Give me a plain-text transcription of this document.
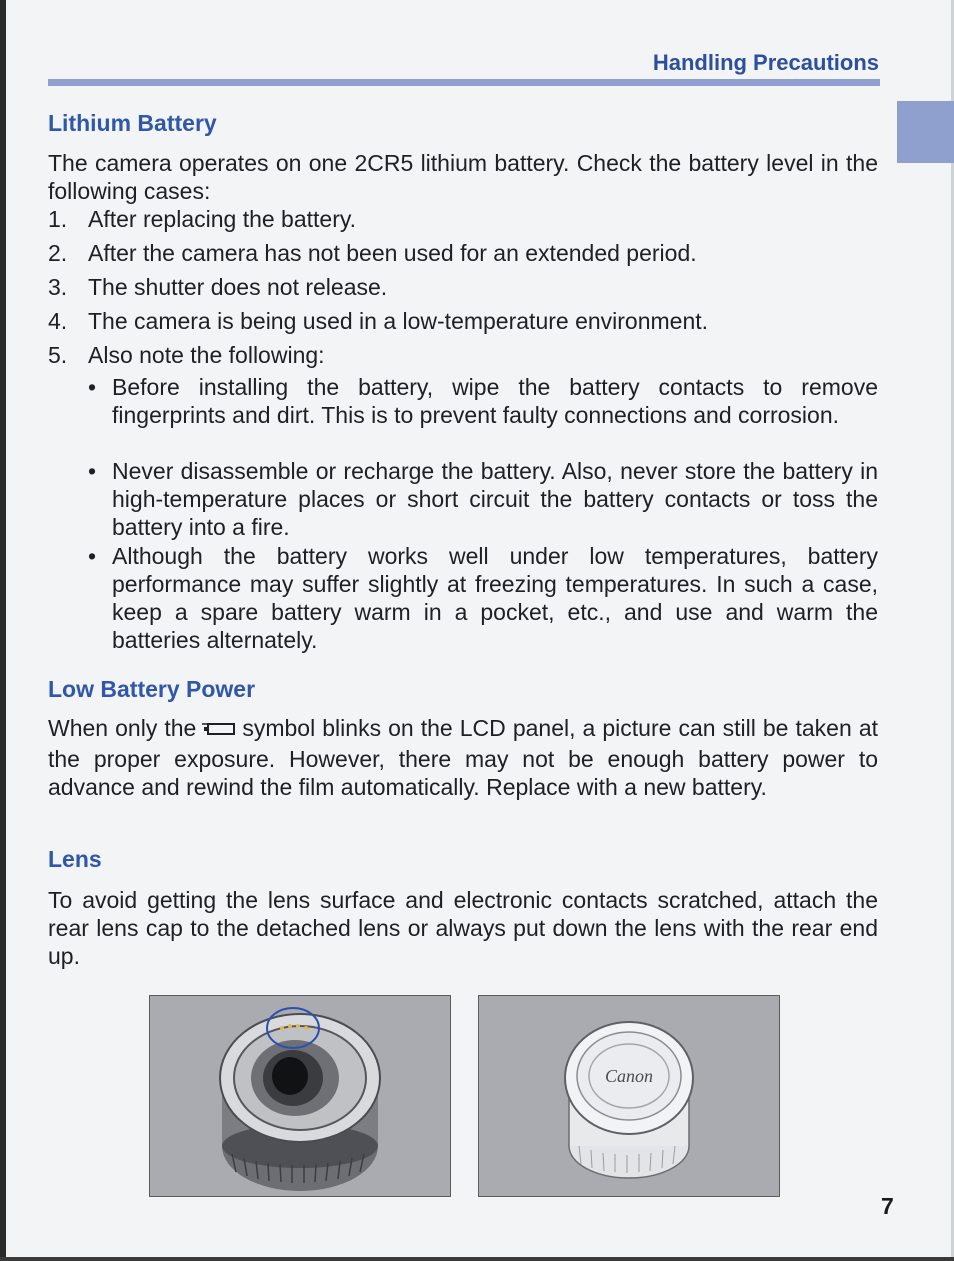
Handling Precautions
Lithium Battery

The camera operates on one 2CR5 lithium battery. Check the battery level in the following cases:

1. After replacing the battery.
2. After the camera has not been used for an extended period.
3. The shutter does not release.
4. The camera is being used in a low-temperature environment.
5. Also note the following:
• Before installing the battery, wipe the battery contacts to remove fingerprints and dirt. This is to prevent faulty connections and corrosion.
• Never disassemble or recharge the battery. Also, never store the battery in high-temperature places or short circuit the battery contacts or toss the battery into a fire.
• Although the battery works well under low temperatures, battery performance may suffer slightly at freezing temperatures. In such a case, keep a spare battery warm in a pocket, etc., and use and warm the batteries alternately.
Low Battery Power

When only the symbol blinks on the LCD panel, a picture can still be taken at the proper exposure. However, there may not be enough battery power to advance and rewind the film automatically. Replace with a new battery.

Lens

To avoid getting the lens surface and electronic contacts scratched, attach the rear lens cap to the detached lens or always put down the lens with the rear end up.

Canon
7
